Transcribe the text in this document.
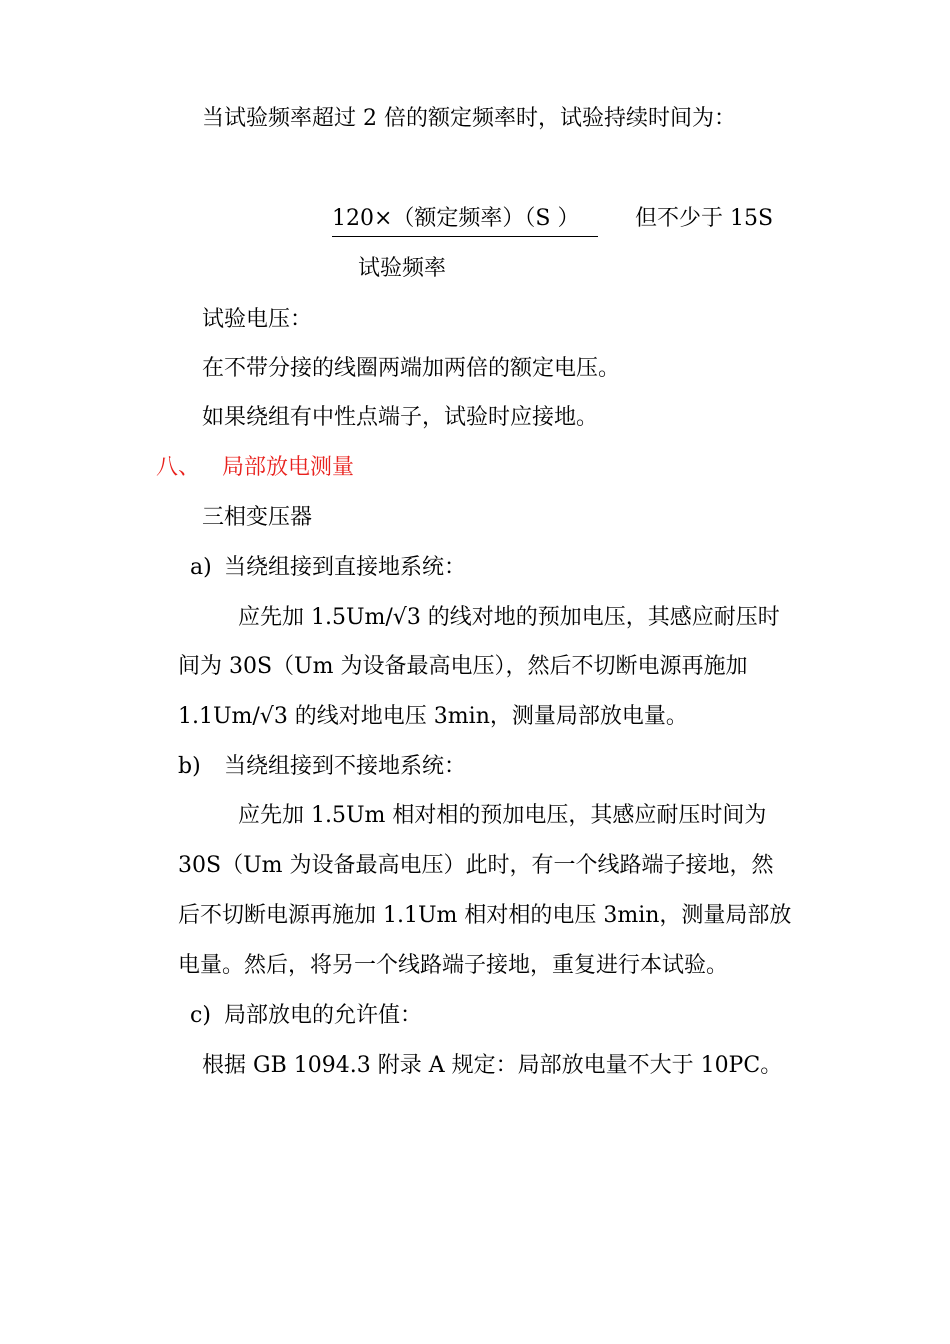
当试验频率超过 2 倍的额定频率时，试验持续时间为：

120×（额定频率）（S ）	但不少于 15S

试验频率

试验电压：

在不带分接的线圈两端加两倍的额定电压。

如果绕组有中性点端子，试验时应接地。

八、 局部放电测量

三相变压器

a) 当绕组接到直接地系统：

应先加 1.5Um/√3 的线对地的预加电压，其感应耐压时

间为 30S（Um 为设备最高电压），然后不切断电源再施加

1.1Um/√3 的线对地电压 3min，测量局部放电量。

b) 当绕组接到不接地系统：

应先加 1.5Um 相对相的预加电压，其感应耐压时间为

30S（Um 为设备最高电压）此时，有一个线路端子接地，然

后不切断电源再施加 1.1Um 相对相的电压 3min，测量局部放

电量。然后，将另一个线路端子接地，重复进行本试验。

c) 局部放电的允许值：

根据 GB 1094.3 附录 A 规定：局部放电量不大于 10PC。
